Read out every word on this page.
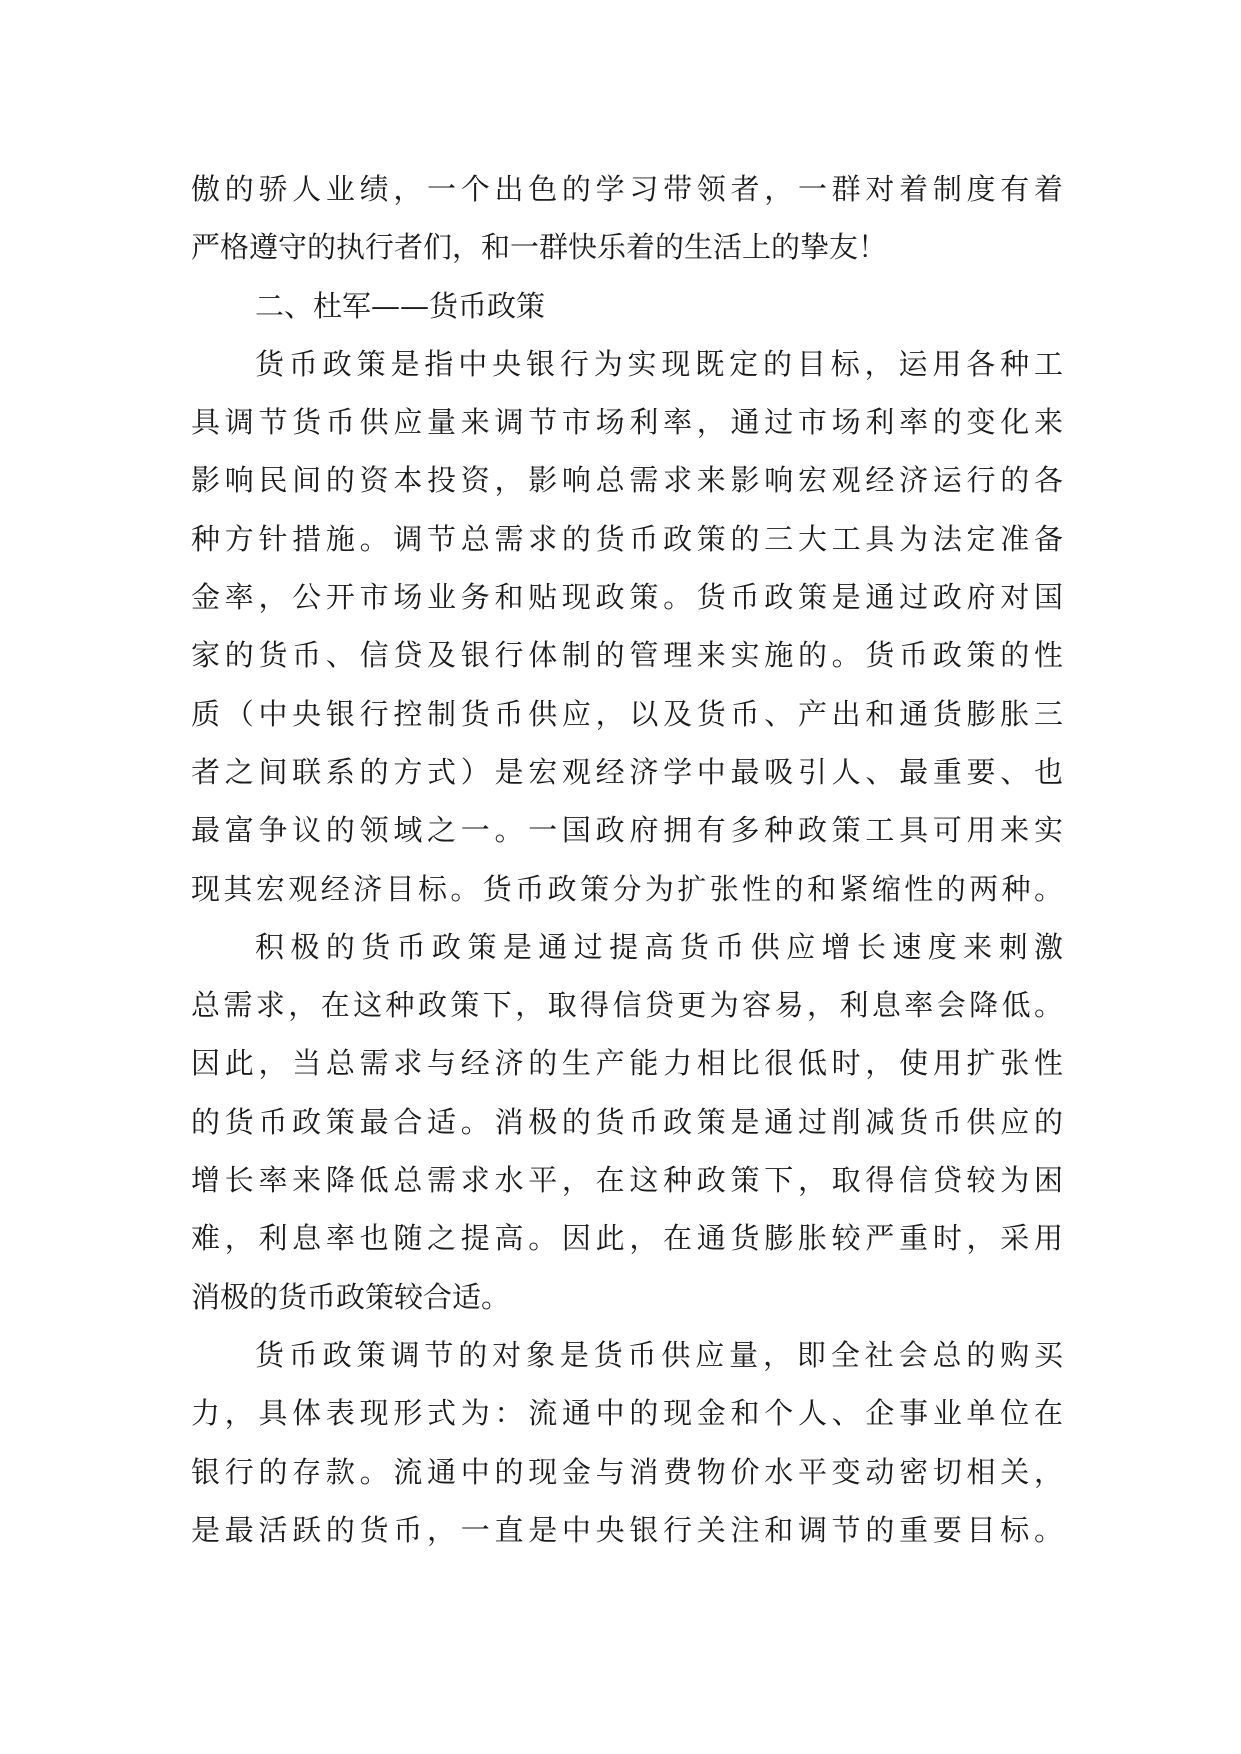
傲的骄人业绩，一个出色的学习带领者，一群对着制度有着
严格遵守的执行者们，和一群快乐着的生活上的挚友！
二、杜军——货币政策
货币政策是指中央银行为实现既定的目标，运用各种工
具调节货币供应量来调节市场利率，通过市场利率的变化来
影响民间的资本投资，影响总需求来影响宏观经济运行的各
种方针措施。调节总需求的货币政策的三大工具为法定准备
金率，公开市场业务和贴现政策。货币政策是通过政府对国
家的货币、信贷及银行体制的管理来实施的。货币政策的性
质（中央银行控制货币供应，以及货币、产出和通货膨胀三
者之间联系的方式）是宏观经济学中最吸引人、最重要、也
最富争议的领域之一。一国政府拥有多种政策工具可用来实
现其宏观经济目标。货币政策分为扩张性的和紧缩性的两种。
积极的货币政策是通过提高货币供应增长速度来刺激
总需求，在这种政策下，取得信贷更为容易，利息率会降低。
因此，当总需求与经济的生产能力相比很低时，使用扩张性
的货币政策最合适。消极的货币政策是通过削减货币供应的
增长率来降低总需求水平，在这种政策下，取得信贷较为困
难，利息率也随之提高。因此，在通货膨胀较严重时，采用
消极的货币政策较合适。
货币政策调节的对象是货币供应量，即全社会总的购买
力，具体表现形式为：流通中的现金和个人、企事业单位在
银行的存款。流通中的现金与消费物价水平变动密切相关，
是最活跃的货币，一直是中央银行关注和调节的重要目标。
